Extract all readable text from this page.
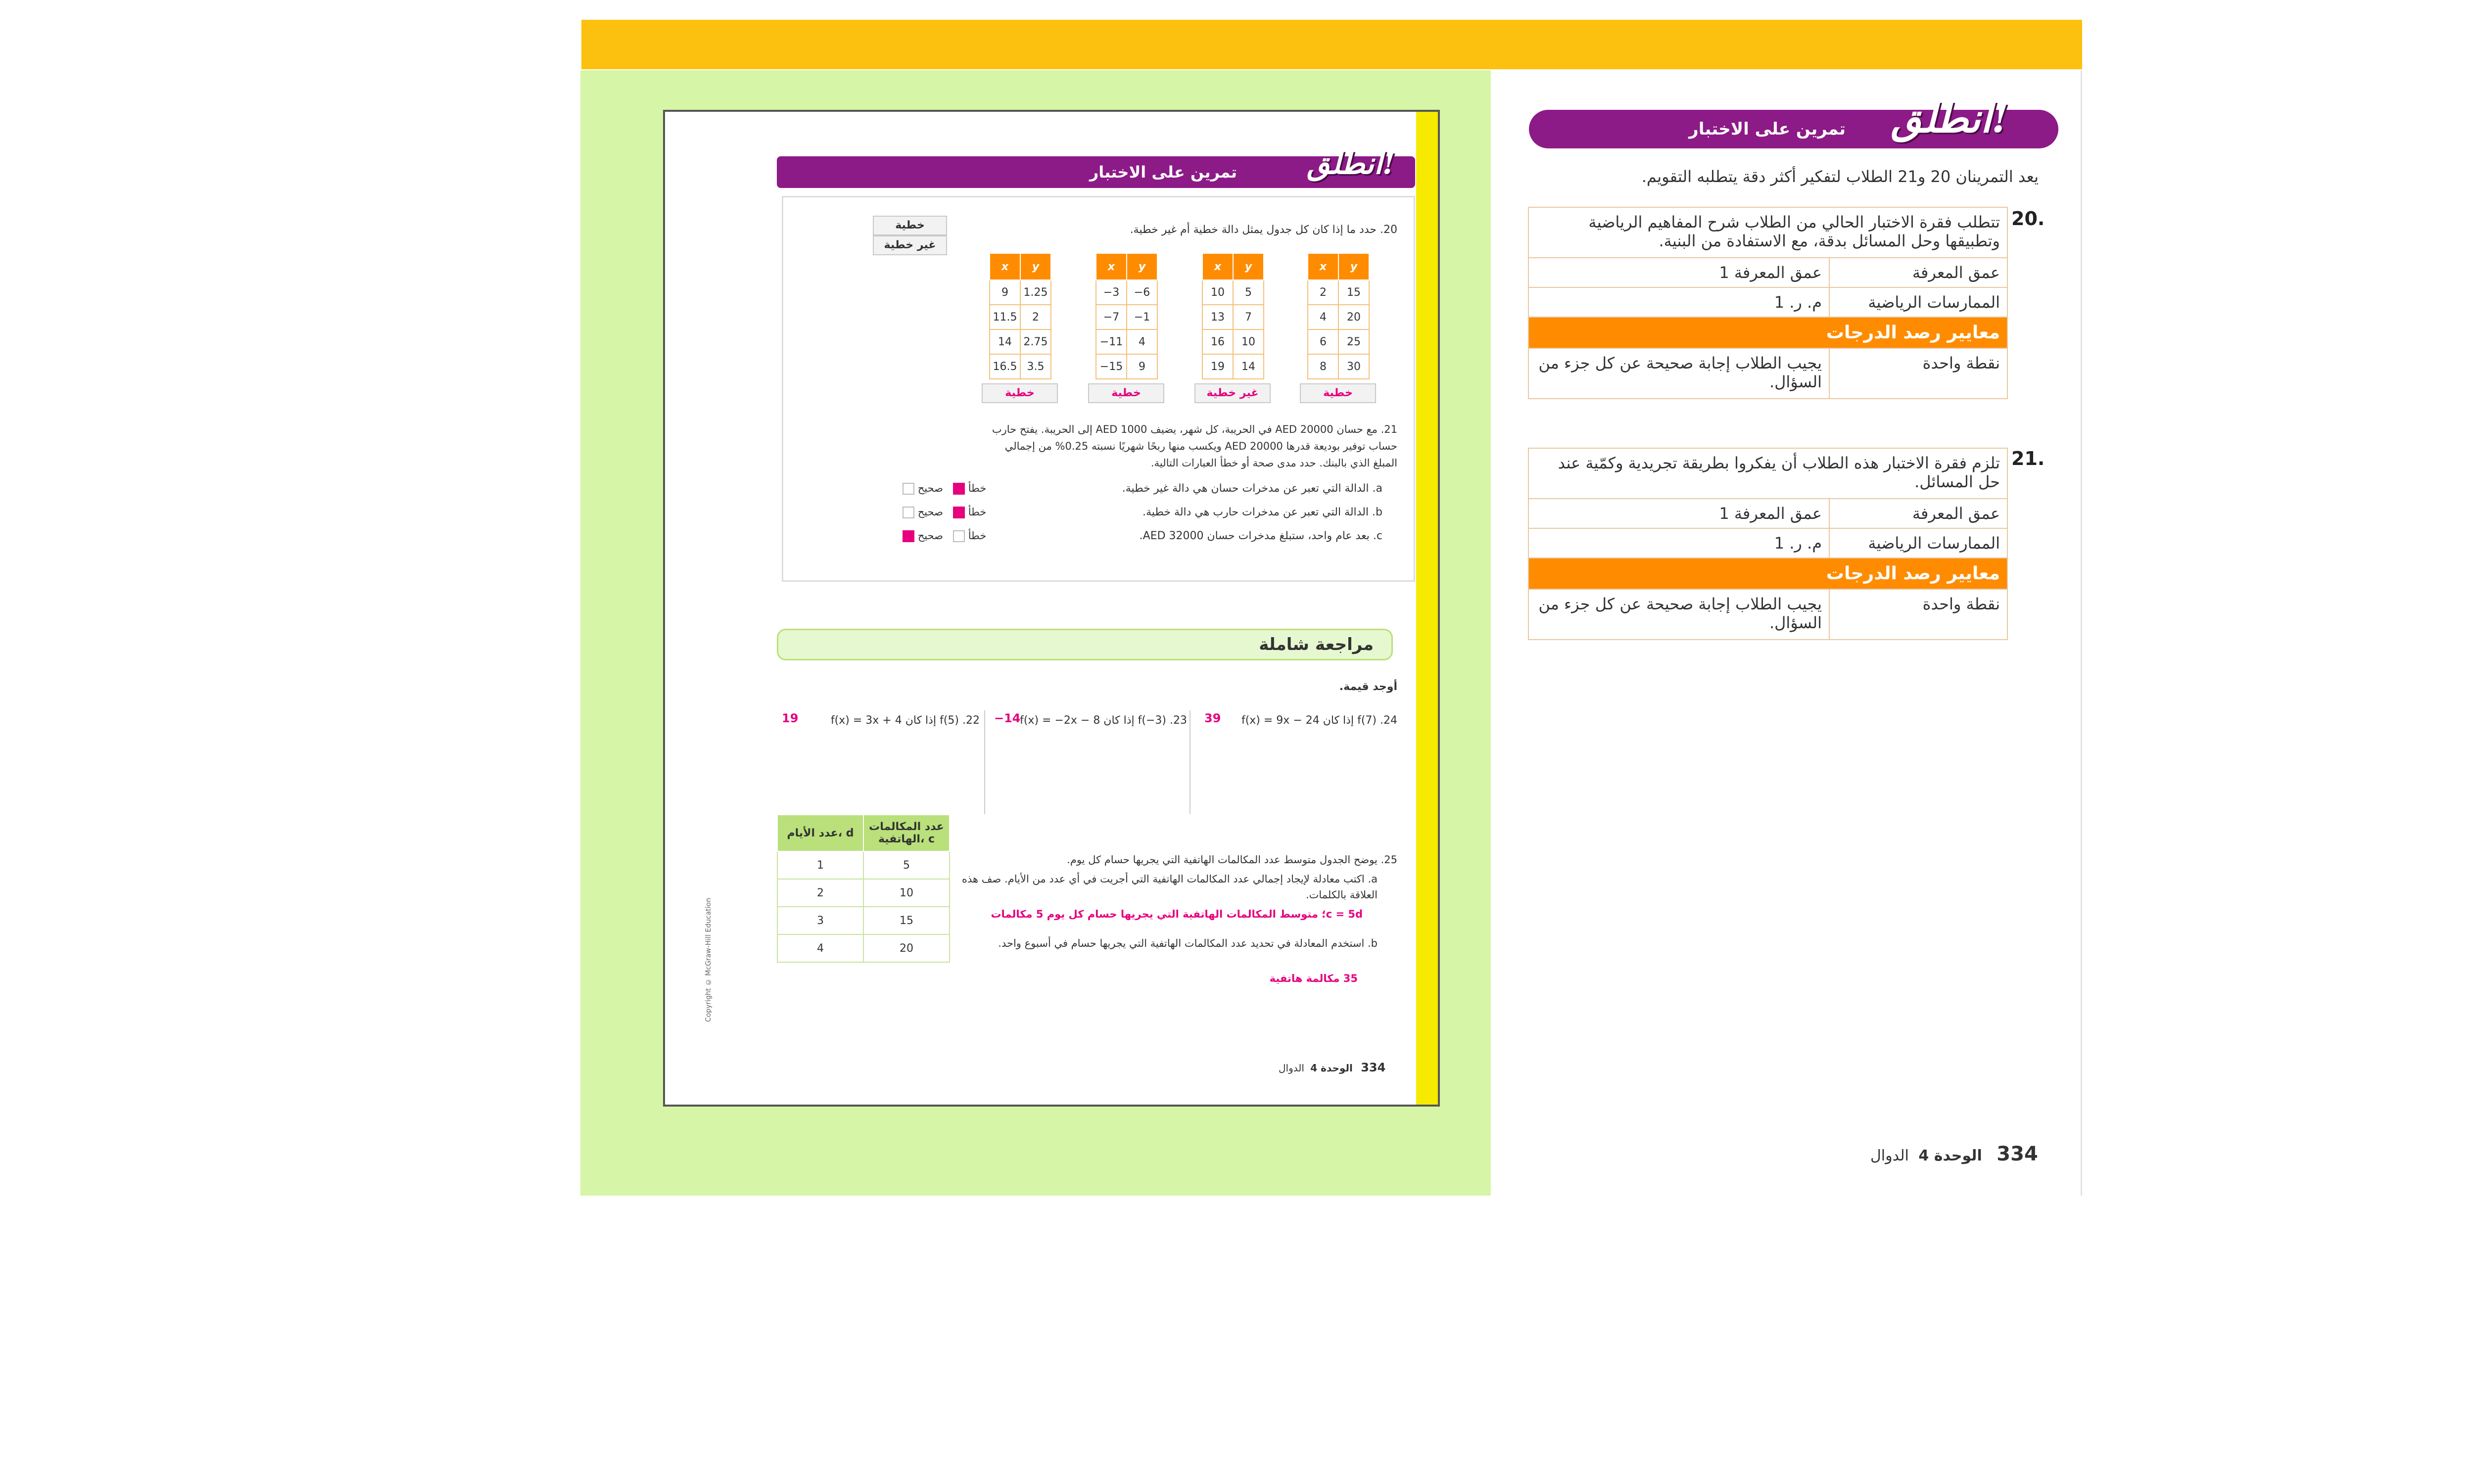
انطلق!
تمرين على الاختبار
يعد التمرينان 20 و21 الطلاب لتفكير أكثر دقة يتطلبه التقويم.
20.
تتطلب فقرة الاختبار الحالي من الطلاب شرح المفاهيم الرياضية وتطبيقها وحل المسائل بدقة، مع الاستفادة من البنية.	
عمق المعرفة	عمق المعرفة 1
الممارسات الرياضية	م. ر. 1
معايير رصد الدرجات	
نقطة واحدة	يجيب الطلاب إجابة صحيحة عن كل جزء من السؤال.
21.
تلزم فقرة الاختبار هذه الطلاب أن يفكروا بطريقة تجريدية وكمّية عند حل المسائل.	
عمق المعرفة	عمق المعرفة 1
الممارسات الرياضية	م. ر. 1
معايير رصد الدرجات	
نقطة واحدة	يجيب الطلاب إجابة صحيحة عن كل جزء من السؤال.
334 الوحدة 4 الدوال
انطلق!
تمرين على الاختبار
20. حدد ما إذا كان كل جدول يمثل دالة خطية أم غير خطية.
خطية
غير خطية
x	y
2	15
4	20
6	25
8	30
خطية
x	y
10	5
13	7
16	10
19	14
غير خطية
x	y
−3	−6
−7	−1
−11	4
−15	9
خطية
x	y
9	1.25
11.5	2
14	2.75
16.5	3.5
خطية
21. مع حسان AED 20000 في الحريبة، كل شهر، يضيف AED 1000 إلى الحريبة. يفتح حارب
حساب توفير بوديعة قدرها AED 20000 ويكسب منها ربحًا شهريًا نسبته 0.25% من إجمالي
المبلغ الذي بالبنك. حدد مدى صحة أو خطأ العبارات التالية.
a. الدالة التي تعبر عن مدخرات حسان هي دالة غير خطية.
خطأ    صحيح
b. الدالة التي تعبر عن مدخرات حارب هي دالة خطية.
خطأ    صحيح
c. بعد عام واحد، ستبلغ مدخرات حسان AED 32000.
خطأ    صحيح
مراجعة شاملة
أوجد قيمة.
24. f(7) إذا كان f(x) = 9x − 24
39
23. f(−3) إذا كان f(x) = −2x − 8
−14
22. f(5) إذا كان f(x) = 3x + 4
19
25. يوضح الجدول متوسط عدد المكالمات الهاتفية التي يجريها حسام كل يوم.
a. اكتب معادلة لإيجاد إجمالي عدد المكالمات الهاتفية التي أجريت في أي عدد من الأيام. صف هذه العلاقة بالكلمات.
c = 5d؛ متوسط المكالمات الهاتفية التي يجريها حسام كل يوم 5 مكالمات
b. استخدم المعادلة في تحديد عدد المكالمات الهاتفية التي يجريها حسام في أسبوع واحد.
35 مكالمة هاتفية
عدد الأيام، d	عدد المكالمات الهاتفية، c
1	5
2	10
3	15
4	20
Copyright © McGraw-Hill Education
334 الوحدة 4 الدوال
